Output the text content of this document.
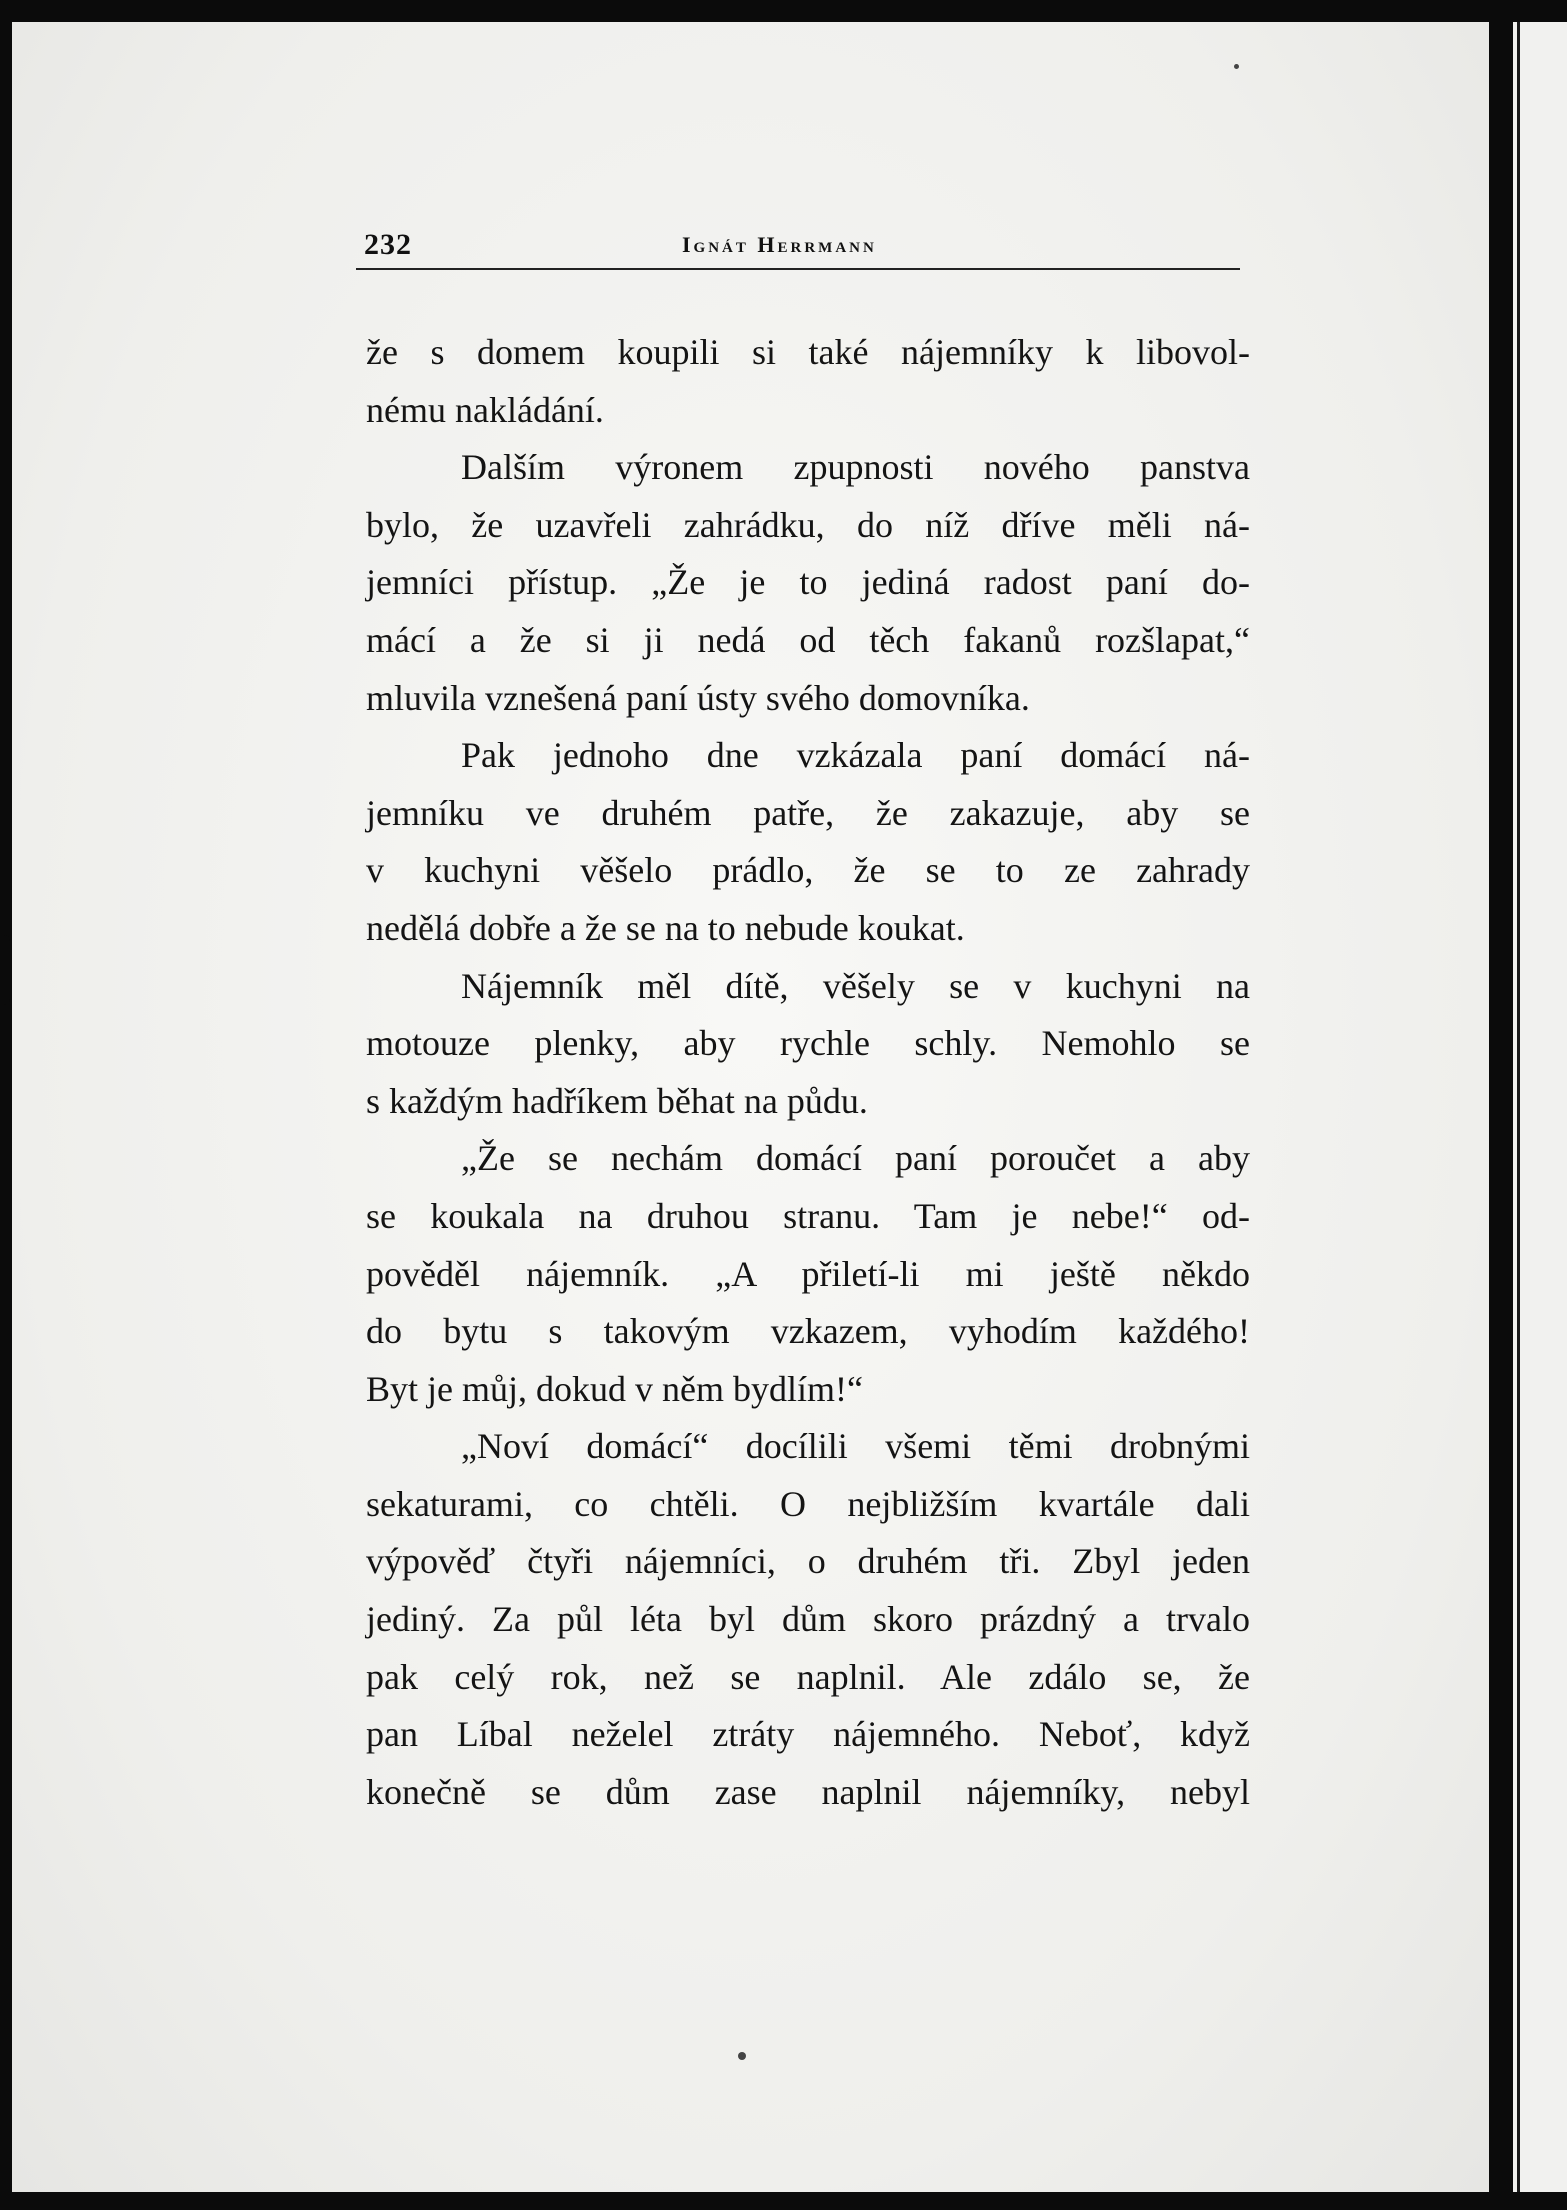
232	Ignát Herrmann
že s domem koupili si také nájemníky k libovol-
nému nakládání.
Dalším výronem zpupnosti nového panstva
bylo, že uzavřeli zahrádku, do níž dříve měli ná-
jemníci přístup. „Že je to jediná radost paní do-
mácí a že si ji nedá od těch fakanů rozšlapat,“
mluvila vznešená paní ústy svého domovníka.
Pak jednoho dne vzkázala paní domácí ná-
jemníku ve druhém patře, že zakazuje, aby se
v kuchyni věšelo prádlo, že se to ze zahrady
nedělá dobře a že se na to nebude koukat.
Nájemník měl dítě, věšely se v kuchyni na
motouze plenky, aby rychle schly. Nemohlo se
s každým hadříkem běhat na půdu.
„Že se nechám domácí paní poroučet a aby
se koukala na druhou stranu. Tam je nebe!“ od-
pověděl nájemník. „A přiletí-li mi ještě někdo
do bytu s takovým vzkazem, vyhodím každého!
Byt je můj, dokud v něm bydlím!“
„Noví domácí“ docílili všemi těmi drobnými
sekaturami, co chtěli. O nejbližším kvartále dali
výpověď čtyři nájemníci, o druhém tři. Zbyl jeden
jediný. Za půl léta byl dům skoro prázdný a trvalo
pak celý rok, než se naplnil. Ale zdálo se, že
pan Líbal neželel ztráty nájemného. Neboť, když
konečně se dům zase naplnil nájemníky, nebyl
